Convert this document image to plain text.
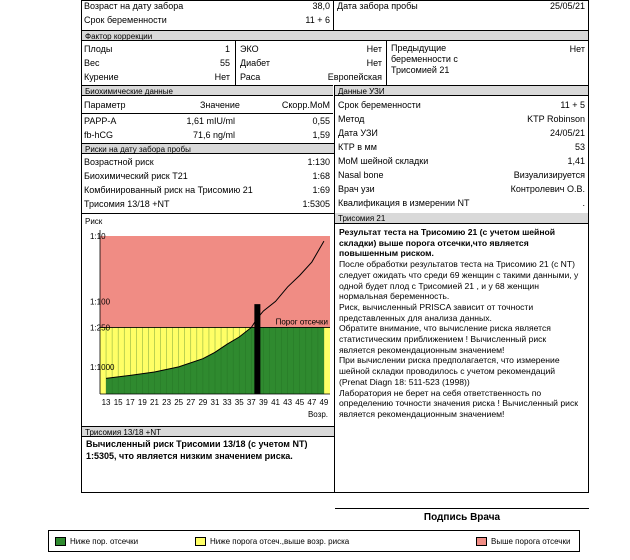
Возраст на дату забора	38,0 Дата забора пробы	25/05/21
Срок беременности	11 + 6
Фактор коррекции
Плоды	1
Вес	55
Курение	Нет
ЭКО	Нет
Диабет	Нет
Раса	Европейская
Предыдущие
беременности с
Трисомией 21
Нет
Биохимические данные
Параметр	Значение	Скорр.МоМ
PAPP-A	1,61 mIU/ml	0,55
fb-hCG	71,6 ng/ml	1,59
Данные УЗИ
Срок беременности	11 + 5
Метод	KTP Robinson
Дата УЗИ	24/05/21
КТР в мм	53
MoM шейной складки	1,41
Nasal bone	Визуализируется
Врач узи	Контролевич О.В.
Квалификация в измерении NT	.
Риски на дату забора пробы
Возрастной риск	1:130
Биохимический риск Т21	1:68
Комбинированный риск на Трисомию 21	1:69
Трисомия 13/18 +NT	1:5305
Риск
1:10
1:100
1:250
1:1000
13 15 17 19 21 23 25 27 29 31 33 35 37 39 41 43 45 47 49
Возр.
Порог отсечки
Трисомия 21
Результат теста на Трисомию 21 (с учетом шейной складки) выше порога отсечки,что является повышенным риском.
После обработки результатов теста на Трисомию 21 (с NT) следует ожидать что среди 69 женщин с такими данными, у одной будет плод с Трисомией 21 , и у 68 женщин нормальная беременность.
Риск, вычисленный PRISCA зависит от точности представленных для анализа данных.
Обратите внимание, что вычисление риска является статистическим приближением ! Вычисленный риск является рекомендационным значением!
При вычислении риска предполагается, что измерение шейной складки проводилось с учетом рекомендаций (Prenat Diagn 18: 511-523 (1998))
Лаборатория не берет на себя ответственность по определению точности значения риска ! Вычисленный риск является рекомендационным значением!
Трисомия 13/18 +NT
Вычисленный риск Трисомии 13/18 (с учетом NT) 1:5305, что является низким значением риска.
Подпись Врача
Ниже пор. отсечки	Ниже порога отсеч.,выше возр. риска	Выше порога отсечки
